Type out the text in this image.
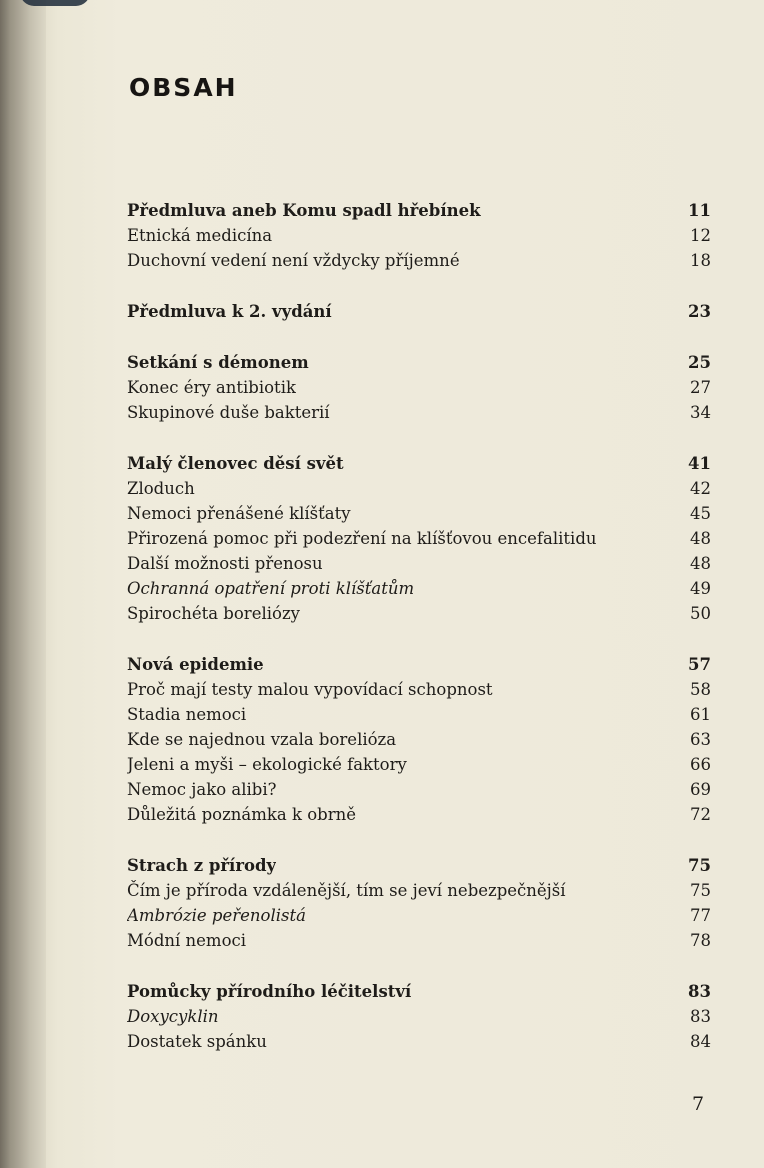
OBSAH
Předmluva aneb Komu spadl hřebínek	11
Etnická medicína	12
Duchovní vedení není vždycky příjemné	18
Předmluva k 2. vydání	23
Setkání s démonem	25
Konec éry antibiotik	27
Skupinové duše bakterií	34
Malý členovec děsí svět	41
Zloduch	42
Nemoci přenášené klíšťaty	45
Přirozená pomoc při podezření na klíšťovou encefalitidu	48
Další možnosti přenosu	48
Ochranná opatření proti klíšťatům	49
Spirochéta boreliózy	50
Nová epidemie	57
Proč mají testy malou vypovídací schopnost	58
Stadia nemoci	61
Kde se najednou vzala borelióza	63
Jeleni a myši – ekologické faktory	66
Nemoc jako alibi?	69
Důležitá poznámka k obrně	72
Strach z přírody	75
Čím je příroda vzdálenější, tím se jeví nebezpečnější	75
Ambrózie peřenolistá	77
Módní nemoci	78
Pomůcky přírodního léčitelství	83
Doxycyklin	83
Dostatek spánku	84
7
